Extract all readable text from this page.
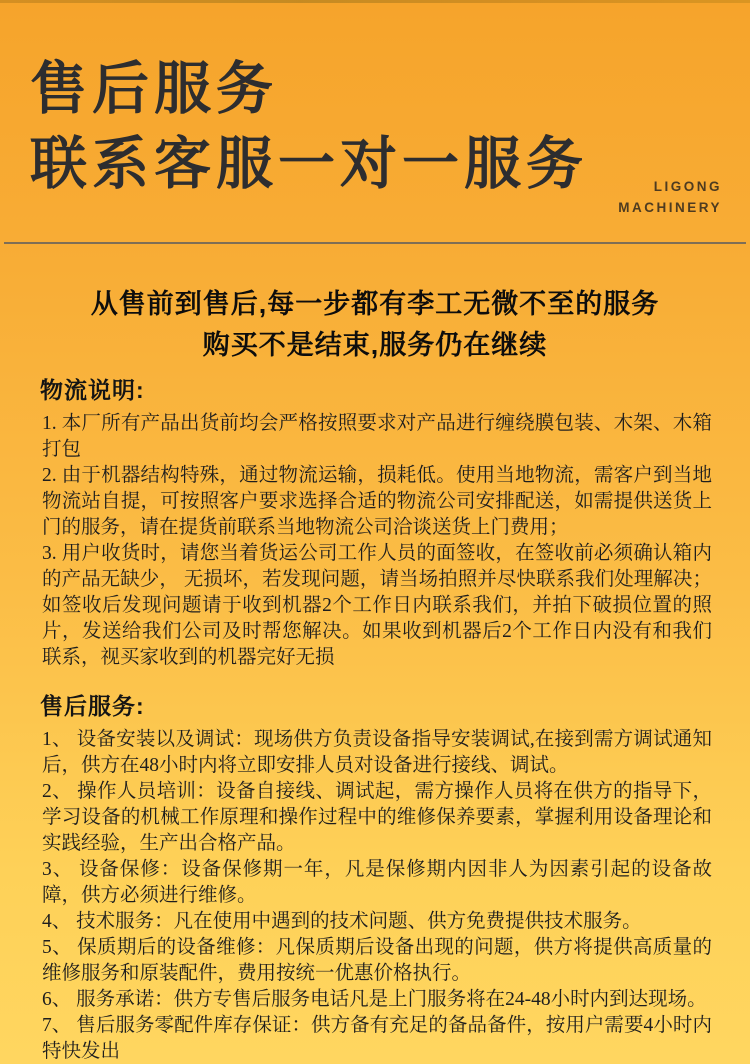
售后服务
联系客服一对一服务	LIGONG
MACHINERY
从售前到售后,每一步都有李工无微不至的服务
购买不是结束,服务仍在继续
物流说明:
1. 本厂所有产品出货前均会严格按照要求对产品进行缠绕膜包装、木架、木箱打包
2. 由于机器结构特殊，通过物流运输，损耗低。使用当地物流，需客户到当地物流站自提，可按照客户要求选择合适的物流公司安排配送，如需提供送货上门的服务，请在提货前联系当地物流公司洽谈送货上门费用；
3. 用户收货时，请您当着货运公司工作人员的面签收，在签收前必须确认箱内的产品无缺少， 无损坏，若发现问题，请当场拍照并尽快联系我们处理解决；如签收后发现问题请于收到机器2个工作日内联系我们，并拍下破损位置的照片，发送给我们公司及时帮您解决。如果收到机器后2个工作日内没有和我们联系，视买家收到的机器完好无损
售后服务:
1、 设备安装以及调试：现场供方负责设备指导安装调试,在接到需方调试通知后，供方在48小时内将立即安排人员对设备进行接线、调试。
2、 操作人员培训：设备自接线、调试起，需方操作人员将在供方的指导下，学习设备的机械工作原理和操作过程中的维修保养要素，掌握利用设备理论和实践经验，生产出合格产品。
3、 设备保修：设备保修期一年，凡是保修期内因非人为因素引起的设备故障，供方必须进行维修。
4、 技术服务：凡在使用中遇到的技术问题、供方免费提供技术服务。
5、 保质期后的设备维修：凡保质期后设备出现的问题，供方将提供高质量的维修服务和原装配件，费用按统一优惠价格执行。
6、 服务承诺：供方专售后服务电话凡是上门服务将在24-48小时内到达现场。
7、 售后服务零配件库存保证：供方备有充足的备品备件，按用户需要4小时内特快发出
